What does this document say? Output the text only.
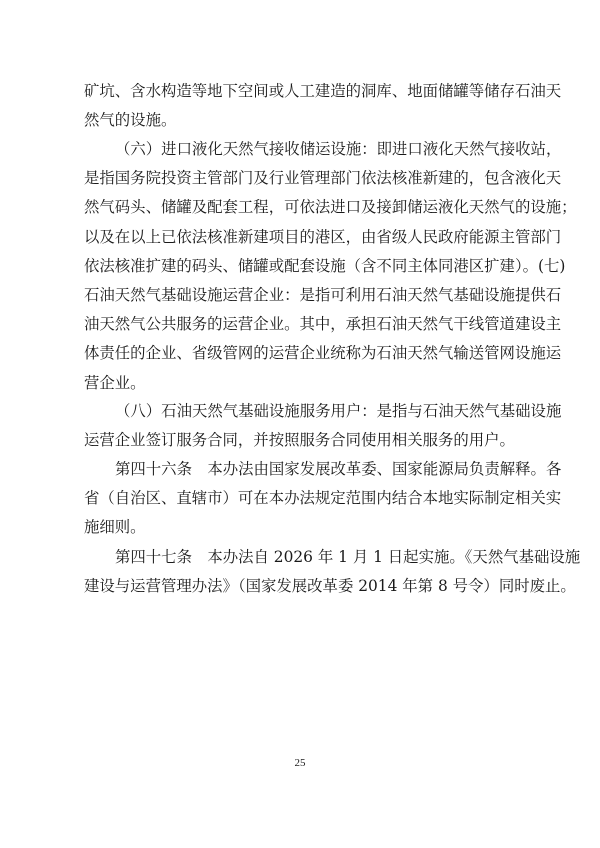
矿坑、含水构造等地下空间或人工建造的洞库、地面储罐等储存石油天
然气的设施。
（六）进口液化天然气接收储运设施：即进口液化天然气接收站，
是指国务院投资主管部门及行业管理部门依法核准新建的，包含液化天
然气码头、储罐及配套工程，可依法进口及接卸储运液化天然气的设施；
以及在以上已依法核准新建项目的港区，由省级人民政府能源主管部门
依法核准扩建的码头、储罐或配套设施（含不同主体同港区扩建）。(七)
石油天然气基础设施运营企业：是指可利用石油天然气基础设施提供石
油天然气公共服务的运营企业。其中，承担石油天然气干线管道建设主
体责任的企业、省级管网的运营企业统称为石油天然气输送管网设施运
营企业。
（八）石油天然气基础设施服务用户：是指与石油天然气基础设施
运营企业签订服务合同，并按照服务合同使用相关服务的用户。
第四十六条　本办法由国家发展改革委、国家能源局负责解释。各
省（自治区、直辖市）可在本办法规定范围内结合本地实际制定相关实
施细则。
第四十七条　本办法自 2026 年 1 月 1 日起实施。《天然气基础设施
建设与运营管理办法》（国家发展改革委 2014 年第 8 号令）同时废止。
25
